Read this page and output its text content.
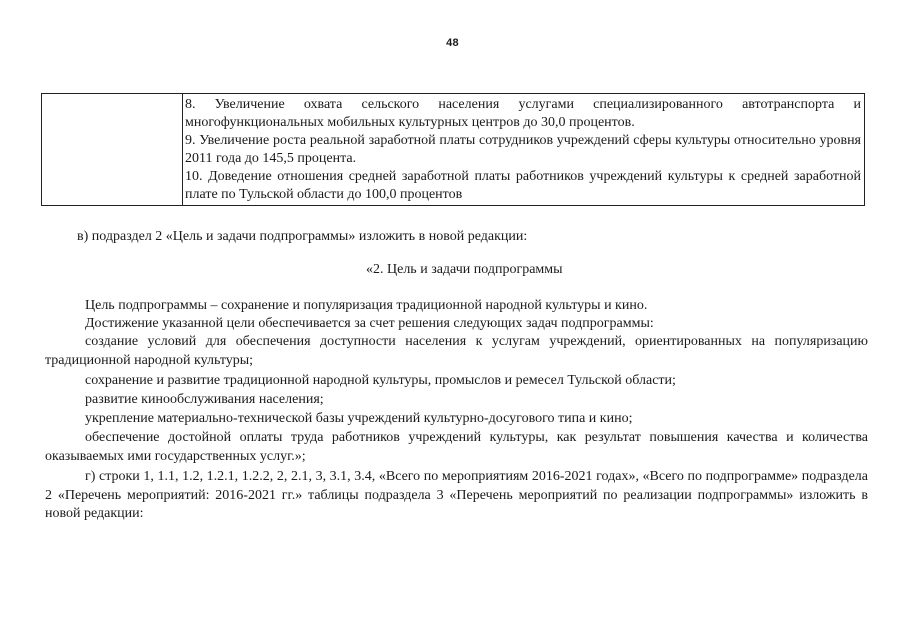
48
8. Увеличение охвата сельского населения услугами специализированного автотранспорта и многофункциональных мобильных культурных центров до 30,0 процентов.
9. Увеличение роста реальной заработной платы сотрудников учреждений сферы культуры относительно уровня 2011 года до 145,5 процента.
10. Доведение отношения средней заработной платы работников учреждений культуры к средней заработной плате по Тульской области до 100,0 процентов
в) подраздел 2 «Цель и задачи подпрограммы» изложить в новой редакции:
«2. Цель и задачи подпрограммы
Цель подпрограммы – сохранение и популяризация традиционной народной культуры и кино.
Достижение указанной цели обеспечивается за счет решения следующих задач подпрограммы:

создание условий для обеспечения доступности населения к услугам учреждений, ориентированных на популяризацию традиционной народной культуры;

сохранение и развитие традиционной народной культуры, промыслов и ремесел Тульской области;
развитие кинообслуживания населения;
укрепление материально-технической базы учреждений культурно-досугового типа и кино;

обеспечение достойной оплаты труда работников учреждений культуры, как результат повышения качества и количества оказываемых ими государственных услуг.»;

г) строки 1, 1.1, 1.2, 1.2.1, 1.2.2, 2, 2.1, 3, 3.1, 3.4, «Всего по мероприятиям 2016-2021 годах», «Всего по подпрограмме» подраздела 2 «Перечень мероприятий: 2016-2021 гг.» таблицы подраздела 3 «Перечень мероприятий по реализации подпрограммы» изложить в новой редакции:
